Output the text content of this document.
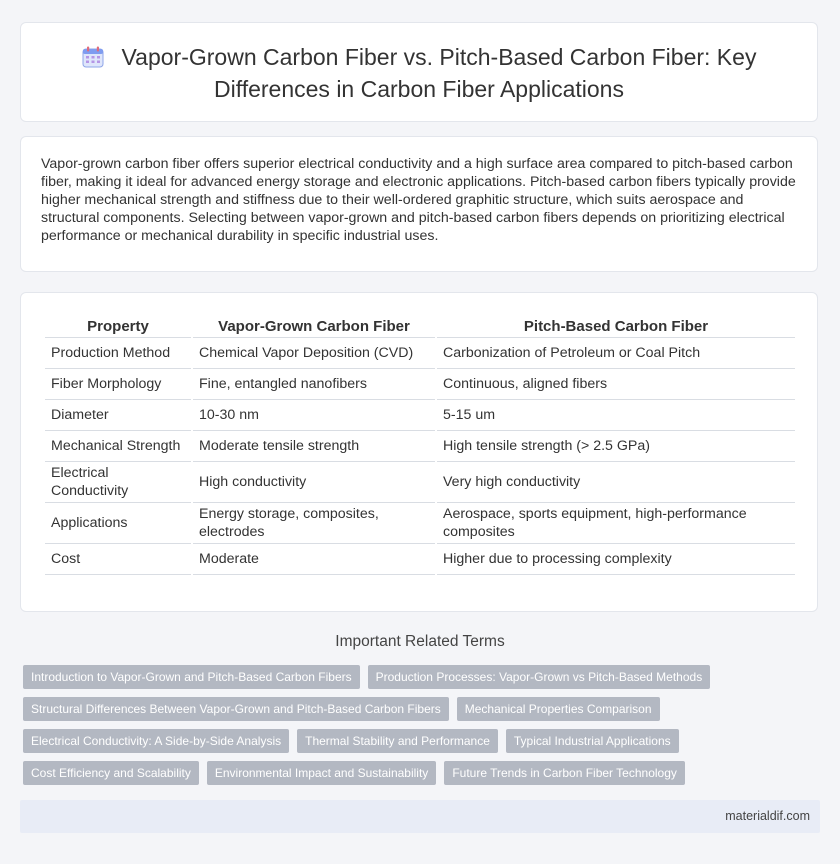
Vapor-Grown Carbon Fiber vs. Pitch-Based Carbon Fiber: Key Differences in Carbon Fiber Applications

Vapor-grown carbon fiber offers superior electrical conductivity and a high surface area compared to pitch-based carbon fiber, making it ideal for advanced energy storage and electronic applications. Pitch-based carbon fibers typically provide higher mechanical strength and stiffness due to their well-ordered graphitic structure, which suits aerospace and structural components. Selecting between vapor-grown and pitch-based carbon fibers depends on prioritizing electrical performance or mechanical durability in specific industrial uses.

Property	Vapor-Grown Carbon Fiber	Pitch-Based Carbon Fiber
Production Method	Chemical Vapor Deposition (CVD)	Carbonization of Petroleum or Coal Pitch
Fiber Morphology	Fine, entangled nanofibers	Continuous, aligned fibers
Diameter	10-30 nm	5-15 um
Mechanical Strength	Moderate tensile strength	High tensile strength (> 2.5 GPa)
Electrical Conductivity	High conductivity	Very high conductivity
Applications	Energy storage, composites, electrodes	Aerospace, sports equipment, high-performance composites
Cost	Moderate	Higher due to processing complexity
Important Related Terms
Introduction to Vapor-Grown and Pitch-Based Carbon Fibers	Production Processes: Vapor-Grown vs Pitch-Based Methods
Structural Differences Between Vapor-Grown and Pitch-Based Carbon Fibers	Mechanical Properties Comparison
Electrical Conductivity: A Side-by-Side Analysis	Thermal Stability and Performance	Typical Industrial Applications
Cost Efficiency and Scalability	Environmental Impact and Sustainability	Future Trends in Carbon Fiber Technology
materialdif.com
